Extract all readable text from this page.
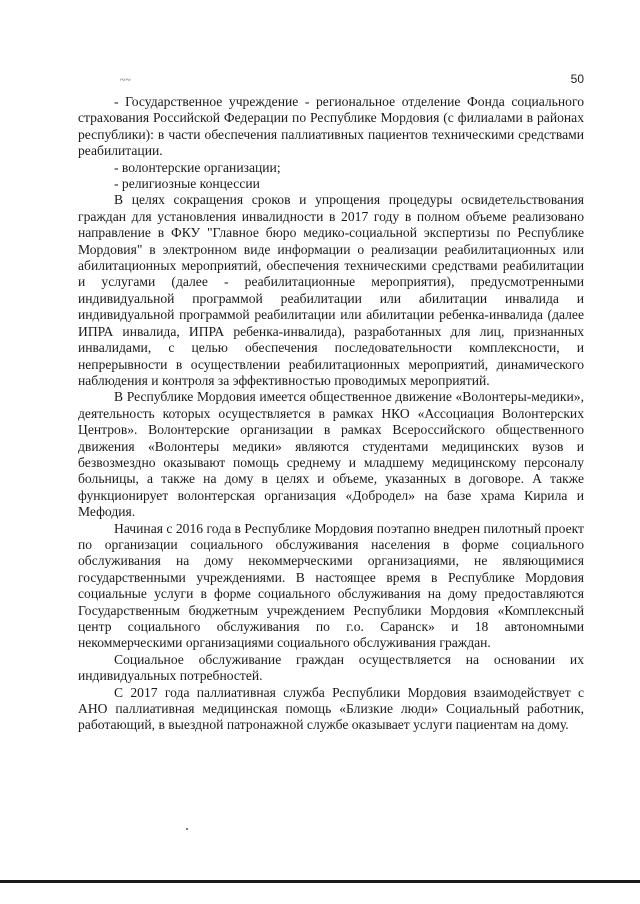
~~	50

- Государственное учреждение - региональное отделение Фонда социального страхования Российской Федерации по Республике Мордовия (с филиалами в районах республики): в части обеспечения паллиативных пациентов техническими средствами реабилитации.

- волонтерские организации;

- религиозные концессии

В целях сокращения сроков и упрощения процедуры освидетельствования граждан для установления инвалидности в 2017 году в полном объеме реализовано направление в ФКУ "Главное бюро медико-социальной экспертизы по Республике Мордовия" в электронном виде информации о реализации реабилитационных или абилитационных мероприятий, обеспечения техническими средствами реабилитации и услугами (далее - реабилитационные мероприятия), предусмотренными индивидуальной программой реабилитации или абилитации инвалида и индивидуальной программой реабилитации или абилитации ребенка-инвалида (далее ИПРА инвалида, ИПРА ребенка-инвалида), разработанных для лиц, признанных инвалидами, с целью обеспечения последовательности комплексности, и непрерывности в осуществлении реабилитационных мероприятий, динамического наблюдения и контроля за эффективностью проводимых мероприятий.

В Республике Мордовия имеется общественное движение «Волонтеры-медики», деятельность которых осуществляется в рамках НКО «Ассоциация Волонтерских Центров». Волонтерские организации в рамках Всероссийского общественного движения «Волонтеры медики» являются студентами медицинских вузов и безвозмездно оказывают помощь среднему и младшему медицинскому персоналу больницы, а также на дому в целях и объеме, указанных в договоре. А также функционирует волонтерская организация «Добродел» на базе храма Кирила и Мефодия.

Начиная с 2016 года в Республике Мордовия поэтапно внедрен пилотный проект по организации социального обслуживания населения в форме социального обслуживания на дому некоммерческими организациями, не являющимися государственными учреждениями. В настоящее время в Республике Мордовия социальные услуги в форме социального обслуживания на дому предоставляются Государственным бюджетным учреждением Республики Мордовия «Комплексный центр социального обслуживания по г.о. Саранск» и 18 автономными некоммерческими организациями социального обслуживания граждан.

Социальное обслуживание граждан осуществляется на основании их индивидуальных потребностей.

С 2017 года паллиативная служба Республики Мордовия взаимодействует с АНО паллиативная медицинская помощь «Близкие люди» Социальный работник, работающий, в выездной патронажной службе оказывает услуги пациентам на дому.
